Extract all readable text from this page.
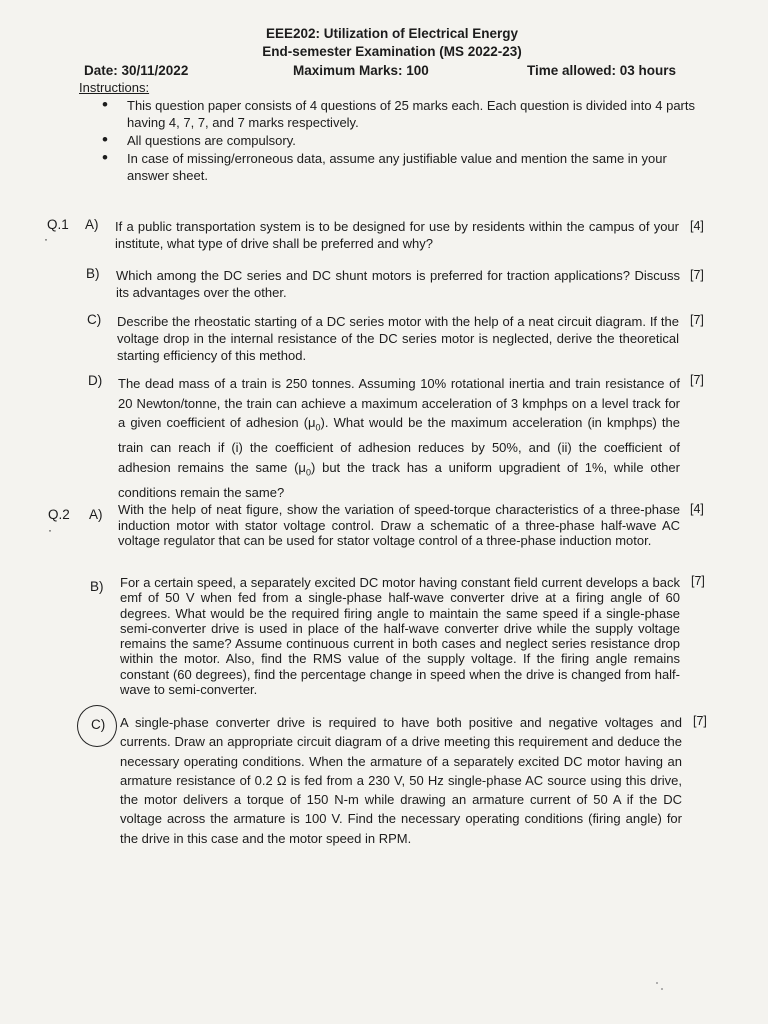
EEE202: Utilization of Electrical Energy
End-semester Examination (MS 2022-23)
Date: 30/11/2022	Maximum Marks: 100	Time allowed: 03 hours
Instructions:
• This question paper consists of 4 questions of 25 marks each. Each question is divided into 4 parts having 4, 7, 7, and 7 marks respectively.
• All questions are compulsory.
• In case of missing/erroneous data, assume any justifiable value and mention the same in your answer sheet.
Q.1
·
A) If a public transportation system is to be designed for use by residents within the campus of your institute, what type of drive shall be preferred and why?
[4]
B) Which among the DC series and DC shunt motors is preferred for traction applications? Discuss its advantages over the other.
[7]
C) Describe the rheostatic starting of a DC series motor with the help of a neat circuit diagram. If the voltage drop in the internal resistance of the DC series motor is neglected, derive the theoretical starting efficiency of this method.
[7]
D) The dead mass of a train is 250 tonnes. Assuming 10% rotational inertia and train resistance of 20 Newton/tonne, the train can achieve a maximum acceleration of 3 kmphps on a level track for a given coefficient of adhesion $(\mu_0)$. What would be the maximum acceleration (in kmphps) the train can reach if (i) the coefficient of adhesion reduces by 50%, and (ii) the coefficient of adhesion remains the same $(\mu_0)$ but the track has a uniform upgradient of 1%, while other conditions remain the same?
[7]
Q.2
·
A) With the help of neat figure, show the variation of speed-torque characteristics of a three-phase induction motor with stator voltage control. Draw a schematic of a three-phase half-wave AC voltage regulator that can be used for stator voltage control of a three-phase induction motor.
[4]
B) For a certain speed, a separately excited DC motor having constant field current develops a back emf of 50 V when fed from a single-phase half-wave converter drive at a firing angle of 60 degrees. What would be the required firing angle to maintain the same speed if a single-phase semi-converter drive is used in place of the half-wave converter drive while the supply voltage remains the same? Assume continuous current in both cases and neglect series resistance drop within the motor. Also, find the RMS value of the supply voltage. If the firing angle remains constant (60 degrees), find the percentage change in speed when the drive is changed from half-wave to semi-converter.
[7]
C) A single-phase converter drive is required to have both positive and negative voltages and currents. Draw an appropriate circuit diagram of a drive meeting this requirement and deduce the necessary operating conditions. When the armature of a separately excited DC motor having an armature resistance of 0.2 Ω is fed from a 230 V, 50 Hz single-phase AC source using this drive, the motor delivers a torque of 150 N-m while drawing an armature current of 50 A if the DC voltage across the armature is 100 V. Find the necessary operating conditions (firing angle) for the drive in this case and the motor speed in RPM.
[7]
